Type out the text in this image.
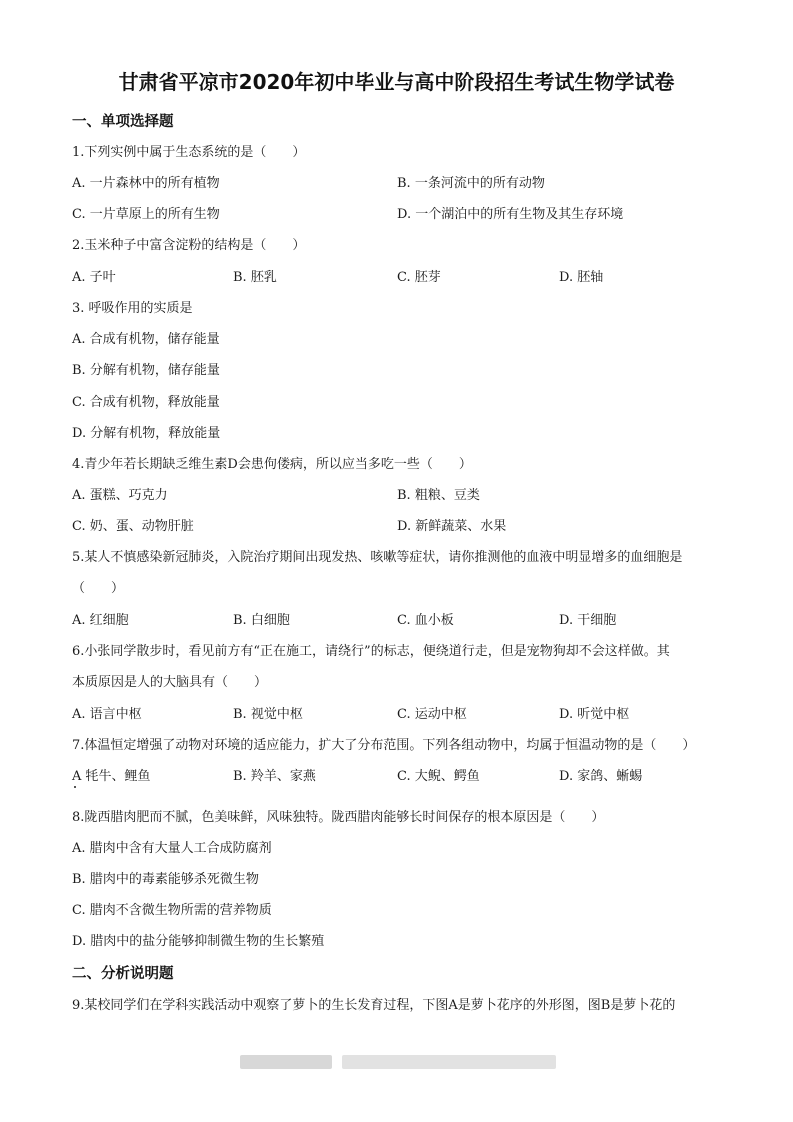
甘肃省平凉市2020年初中毕业与高中阶段招生考试生物学试卷
一、单项选择题
1.下列实例中属于生态系统的是（　　）
A. 一片森林中的所有植物	B. 一条河流中的所有动物
C. 一片草原上的所有生物	D. 一个湖泊中的所有生物及其生存环境
2.玉米种子中富含淀粉的结构是（　　）
A. 子叶	B. 胚乳	C. 胚芽	D. 胚轴
3. 呼吸作用的实质是
A. 合成有机物，储存能量
B. 分解有机物，储存能量
C. 合成有机物，释放能量
D. 分解有机物，释放能量
4.青少年若长期缺乏维生素D会患佝偻病，所以应当多吃一些（　　）
A. 蛋糕、巧克力	B. 粗粮、豆类
C. 奶、蛋、动物肝脏	D. 新鲜蔬菜、水果
5.某人不慎感染新冠肺炎，入院治疗期间出现发热、咳嗽等症状，请你推测他的血液中明显增多的血细胞是
（　　）
A. 红细胞	B. 白细胞	C. 血小板	D. 干细胞
6.小张同学散步时，看见前方有“正在施工，请绕行”的标志，便绕道行走，但是宠物狗却不会这样做。其
本质原因是人的大脑具有（　　）
A. 语言中枢	B. 视觉中枢	C. 运动中枢	D. 听觉中枢
7.体温恒定增强了动物对环境的适应能力，扩大了分布范围。下列各组动物中，均属于恒温动物的是（　　）
A 牦牛、鲤鱼	B. 羚羊、家燕	C. 大鲵、鳄鱼	D. 家鸽、蜥蜴
8.陇西腊肉肥而不腻，色美味鲜，风味独特。陇西腊肉能够长时间保存的根本原因是（　　）
A. 腊肉中含有大量人工合成防腐剂
B. 腊肉中的毒素能够杀死微生物
C. 腊肉不含微生物所需的营养物质
D. 腊肉中的盐分能够抑制微生物的生长繁殖
二、分析说明题
9.某校同学们在学科实践活动中观察了萝卜的生长发育过程，下图A是萝卜花序的外形图，图B是萝卜花的
